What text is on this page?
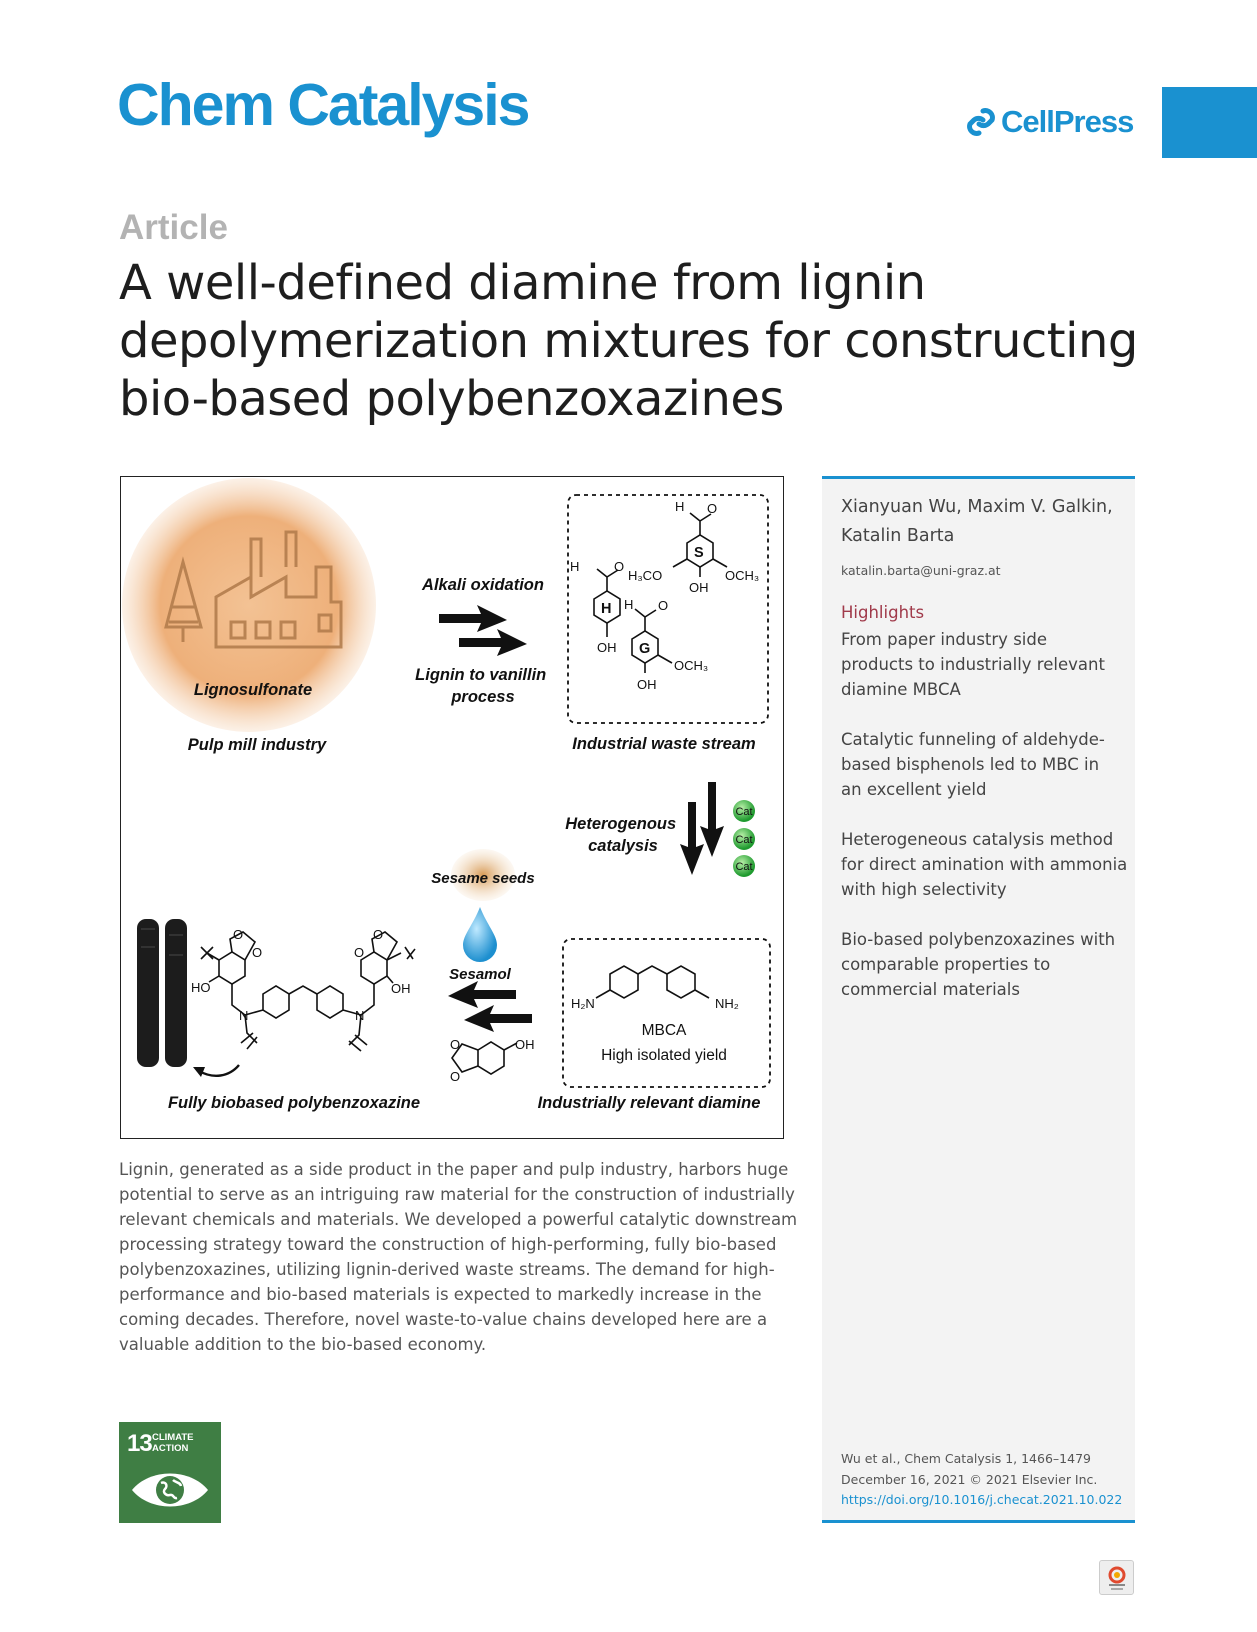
Chem Catalysis	CellPress
Article
A well-defined diamine from lignin
depolymerization mixtures for constructing
bio-based polybenzoxazines
Lignosulfonate
Pulp mill industry
Alkali oxidation
Lignin to vanillin process
H	O
H
OH
H O
S
H₃CO	OCH₃
OH
H O
G
OCH₃
OH
Industrial waste stream
Heterogenous catalysis
Cat
Cat
Cat
Sesame seeds
Sesamol
O
O
OH
H₂N	NH₂
MBCA
High isolated yield
O
O
HO
N	N
O
O
OH
Fully biobased polybenzoxazine	Industrially relevant diamine
Xianyuan Wu, Maxim V. Galkin,
Katalin Barta
katalin.barta@uni-graz.at
Highlights
From paper industry side
products to industrially relevant
diamine MBCA
Catalytic funneling of aldehyde-
based bisphenols led to MBC in
an excellent yield
Heterogeneous catalysis method
for direct amination with ammonia
with high selectivity
Bio-based polybenzoxazines with
comparable properties to
commercial materials
Wu et al., Chem Catalysis 1, 1466–1479
December 16, 2021 © 2021 Elsevier Inc.
https://doi.org/10.1016/j.checat.2021.10.022
Lignin, generated as a side product in the paper and pulp industry, harbors huge
potential to serve as an intriguing raw material for the construction of industrially
relevant chemicals and materials. We developed a powerful catalytic downstream
processing strategy toward the construction of high-performing, fully bio-based
polybenzoxazines, utilizing lignin-derived waste streams. The demand for high-
performance and bio-based materials is expected to markedly increase in the
coming decades. Therefore, novel waste-to-value chains developed here are a
valuable addition to the bio-based economy.
13 CLIMATE
ACTION
